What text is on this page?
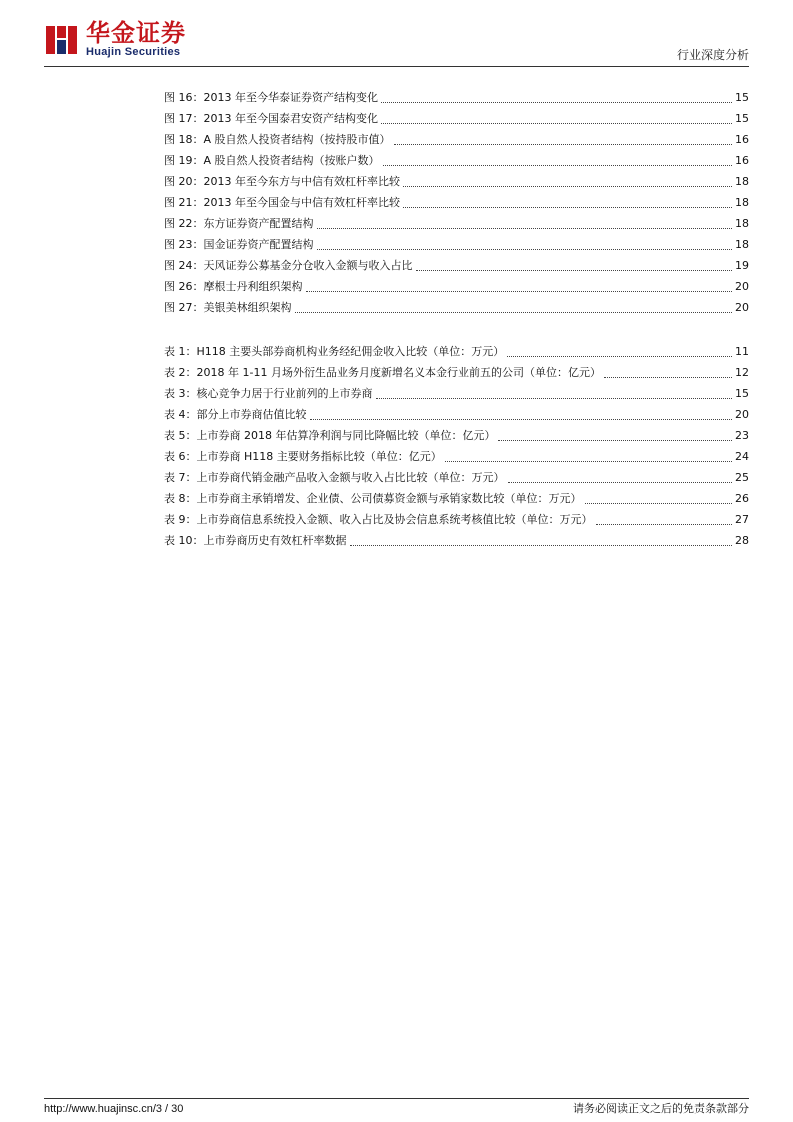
华金证券
Huajin Securities	行业深度分析
图 16：2013 年至今华泰证券资产结构变化	15
图 17：2013 年至今国泰君安资产结构变化	15
图 18：A 股自然人投资者结构（按持股市值）	16
图 19：A 股自然人投资者结构（按账户数）	16
图 20：2013 年至今东方与中信有效杠杆率比较	18
图 21：2013 年至今国金与中信有效杠杆率比较	18
图 22：东方证券资产配置结构	18
图 23：国金证券资产配置结构	18
图 24：天风证券公募基金分仓收入金额与收入占比	19
图 26：摩根士丹利组织架构	20
图 27：美银美林组织架构	20
表 1：H118 主要头部券商机构业务经纪佣金收入比较（单位：万元）	11
表 2：2018 年 1-11 月场外衍生品业务月度新增名义本金行业前五的公司（单位：亿元）	12
表 3：核心竞争力居于行业前列的上市券商	15
表 4：部分上市券商估值比较	20
表 5：上市券商 2018 年估算净利润与同比降幅比较（单位：亿元）	23
表 6：上市券商 H118 主要财务指标比较（单位：亿元）	24
表 7：上市券商代销金融产品收入金额与收入占比比较（单位：万元）	25
表 8：上市券商主承销增发、企业债、公司债募资金额与承销家数比较（单位：万元）	26
表 9：上市券商信息系统投入金额、收入占比及协会信息系统考核值比较（单位：万元）	27
表 10：上市券商历史有效杠杆率数据	28
http://www.huajinsc.cn/3 / 30	请务必阅读正文之后的免责条款部分
